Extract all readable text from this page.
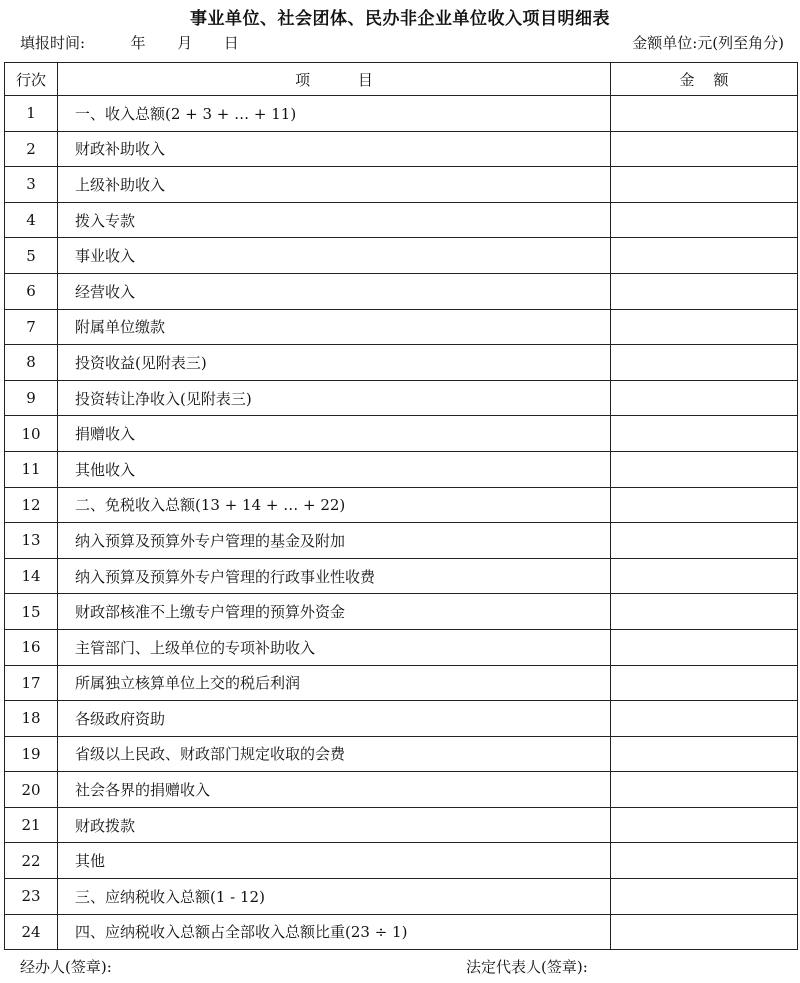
事业单位、社会团体、民办非企业单位收入项目明细表
填报时间:	年 月 日	金额单位:元(列至角分)
行次	项          目	金    额
1	一、收入总额(2 + 3 + … + 11)	
2	财政补助收入	
3	上级补助收入	
4	拨入专款	
5	事业收入	
6	经营收入	
7	附属单位缴款	
8	投资收益(见附表三)	
9	投资转让净收入(见附表三)	
10	捐赠收入	
11	其他收入	
12	二、免税收入总额(13 + 14 + … + 22)	
13	纳入预算及预算外专户管理的基金及附加	
14	纳入预算及预算外专户管理的行政事业性收费	
15	财政部核准不上缴专户管理的预算外资金	
16	主管部门、上级单位的专项补助收入	
17	所属独立核算单位上交的税后利润	
18	各级政府资助	
19	省级以上民政、财政部门规定收取的会费	
20	社会各界的捐赠收入	
21	财政拨款	
22	其他	
23	三、应纳税收入总额(1 - 12)	
24	四、应纳税收入总额占全部收入总额比重(23 ÷ 1)	
经办人(签章):	法定代表人(签章):
